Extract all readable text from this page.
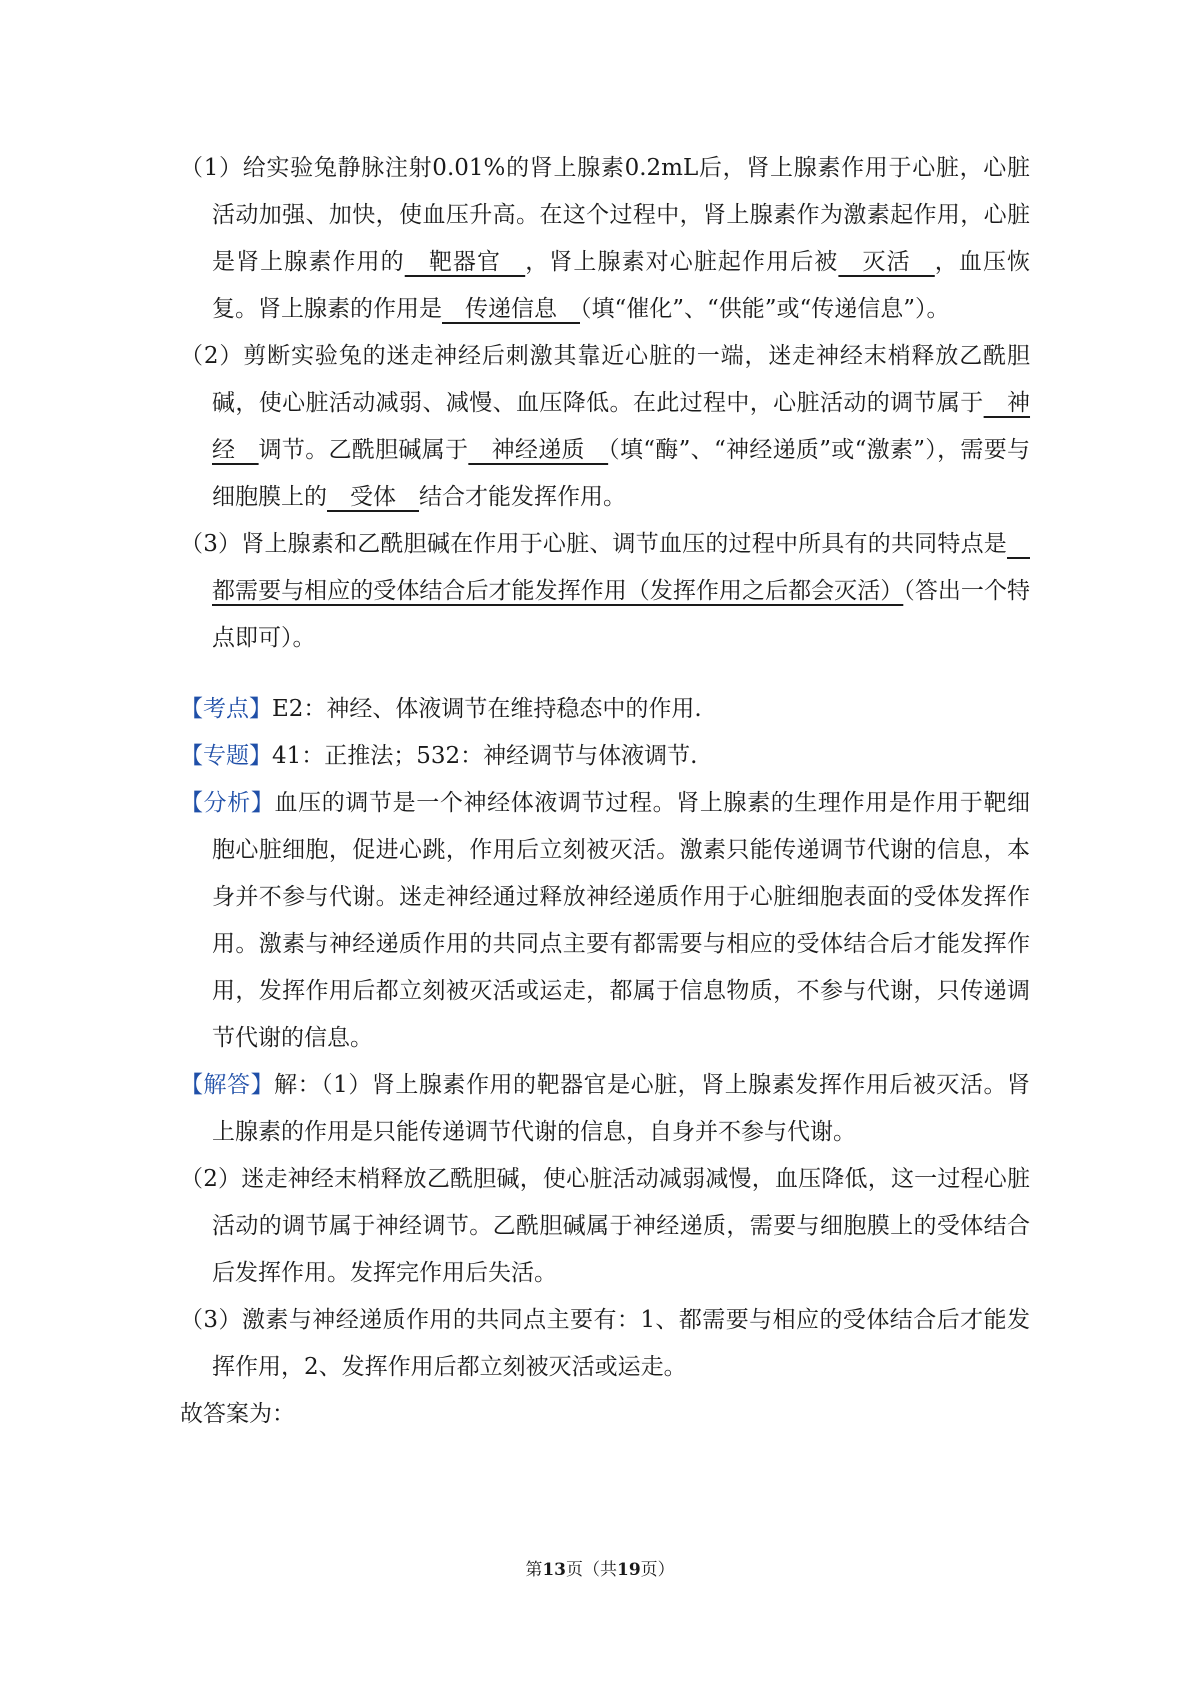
（1）给实验兔静脉注射0.01%的肾上腺素0.2mL后，肾上腺素作用于心脏，心脏活动加强、加快，使血压升高。在这个过程中，肾上腺素作为激素起作用，心脏是肾上腺素作用的　靶器官　，肾上腺素对心脏起作用后被　灭活　，血压恢复。肾上腺素的作用是　传递信息　（填“催化”、“供能”或“传递信息”）。

（2）剪断实验兔的迷走神经后刺激其靠近心脏的一端，迷走神经末梢释放乙酰胆碱，使心脏活动减弱、减慢、血压降低。在此过程中，心脏活动的调节属于　神经　调节。乙酰胆碱属于　神经递质　（填“酶”、“神经递质”或“激素”），需要与细胞膜上的　受体　结合才能发挥作用。

（3）肾上腺素和乙酰胆碱在作用于心脏、调节血压的过程中所具有的共同特点是　都需要与相应的受体结合后才能发挥作用（发挥作用之后都会灭活）（答出一个特点即可）。

【考点】E2：神经、体液调节在维持稳态中的作用.

【专题】41：正推法；532：神经调节与体液调节.

【分析】血压的调节是一个神经体液调节过程。肾上腺素的生理作用是作用于靶细胞心脏细胞，促进心跳，作用后立刻被灭活。激素只能传递调节代谢的信息，本身并不参与代谢。迷走神经通过释放神经递质作用于心脏细胞表面的受体发挥作用。激素与神经递质作用的共同点主要有都需要与相应的受体结合后才能发挥作用，发挥作用后都立刻被灭活或运走，都属于信息物质，不参与代谢，只传递调节代谢的信息。

【解答】解：（1）肾上腺素作用的靶器官是心脏，肾上腺素发挥作用后被灭活。肾上腺素的作用是只能传递调节代谢的信息，自身并不参与代谢。

（2）迷走神经末梢释放乙酰胆碱，使心脏活动减弱减慢，血压降低，这一过程心脏活动的调节属于神经调节。乙酰胆碱属于神经递质，需要与细胞膜上的受体结合后发挥作用。发挥完作用后失活。

（3）激素与神经递质作用的共同点主要有：1、都需要与相应的受体结合后才能发挥作用，2、发挥作用后都立刻被灭活或运走。

故答案为：

第13页（共19页）
